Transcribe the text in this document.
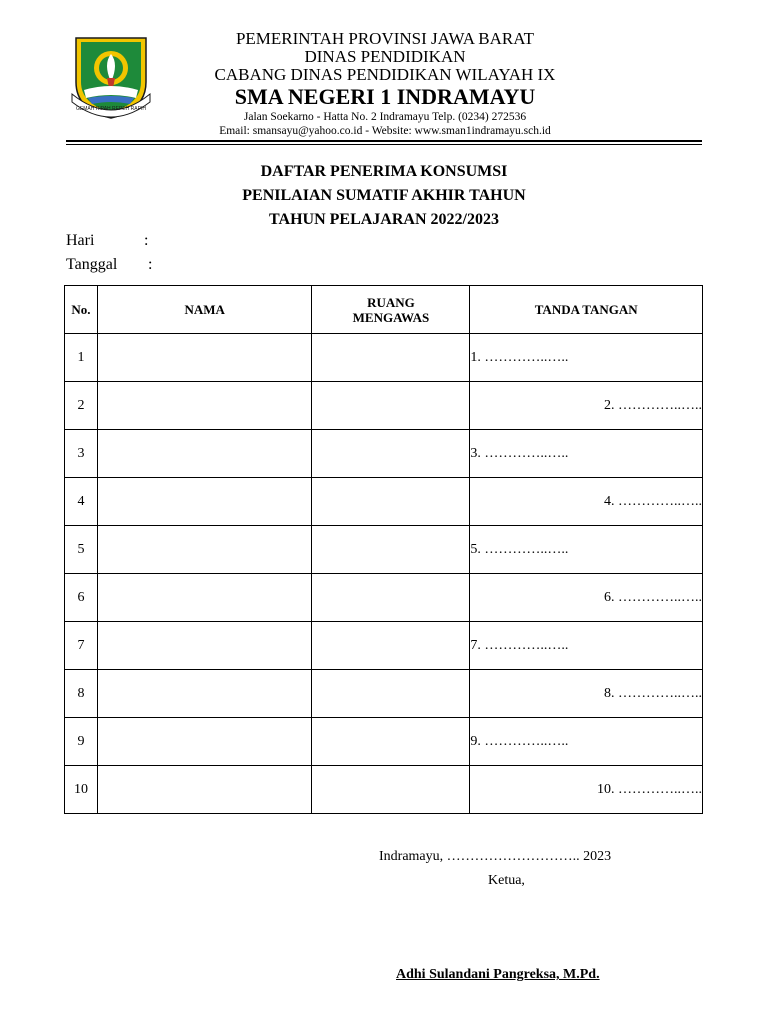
GEMAH RIPAH REPEH RAPIH
PEMERINTAH PROVINSI JAWA BARAT
DINAS PENDIDIKAN
CABANG DINAS PENDIDIKAN WILAYAH IX
SMA NEGERI 1 INDRAMAYU
Jalan Soekarno - Hatta No. 2 Indramayu Telp. (0234) 272536
Email: smansayu@yahoo.co.id - Website: www.sman1indramayu.sch.id
DAFTAR PENERIMA KONSUMSI
PENILAIAN SUMATIF AKHIR TAHUN
TAHUN PELAJARAN 2022/2023
Hari	:
Tanggal :
No.	NAMA	RUANG MENGAWAS	TANDA TANGAN
1			1. …………..…..
2			2. …………..…..
3			3. …………..…..
4			4. …………..…..
5			5. …………..…..
6			6. …………..…..
7			7. …………..…..
8			8. …………..…..
9			9. …………..…..
10			10. …………..…..
Indramayu, ……………………….. 2023
Ketua,
Adhi Sulandani Pangreksa, M.Pd.
